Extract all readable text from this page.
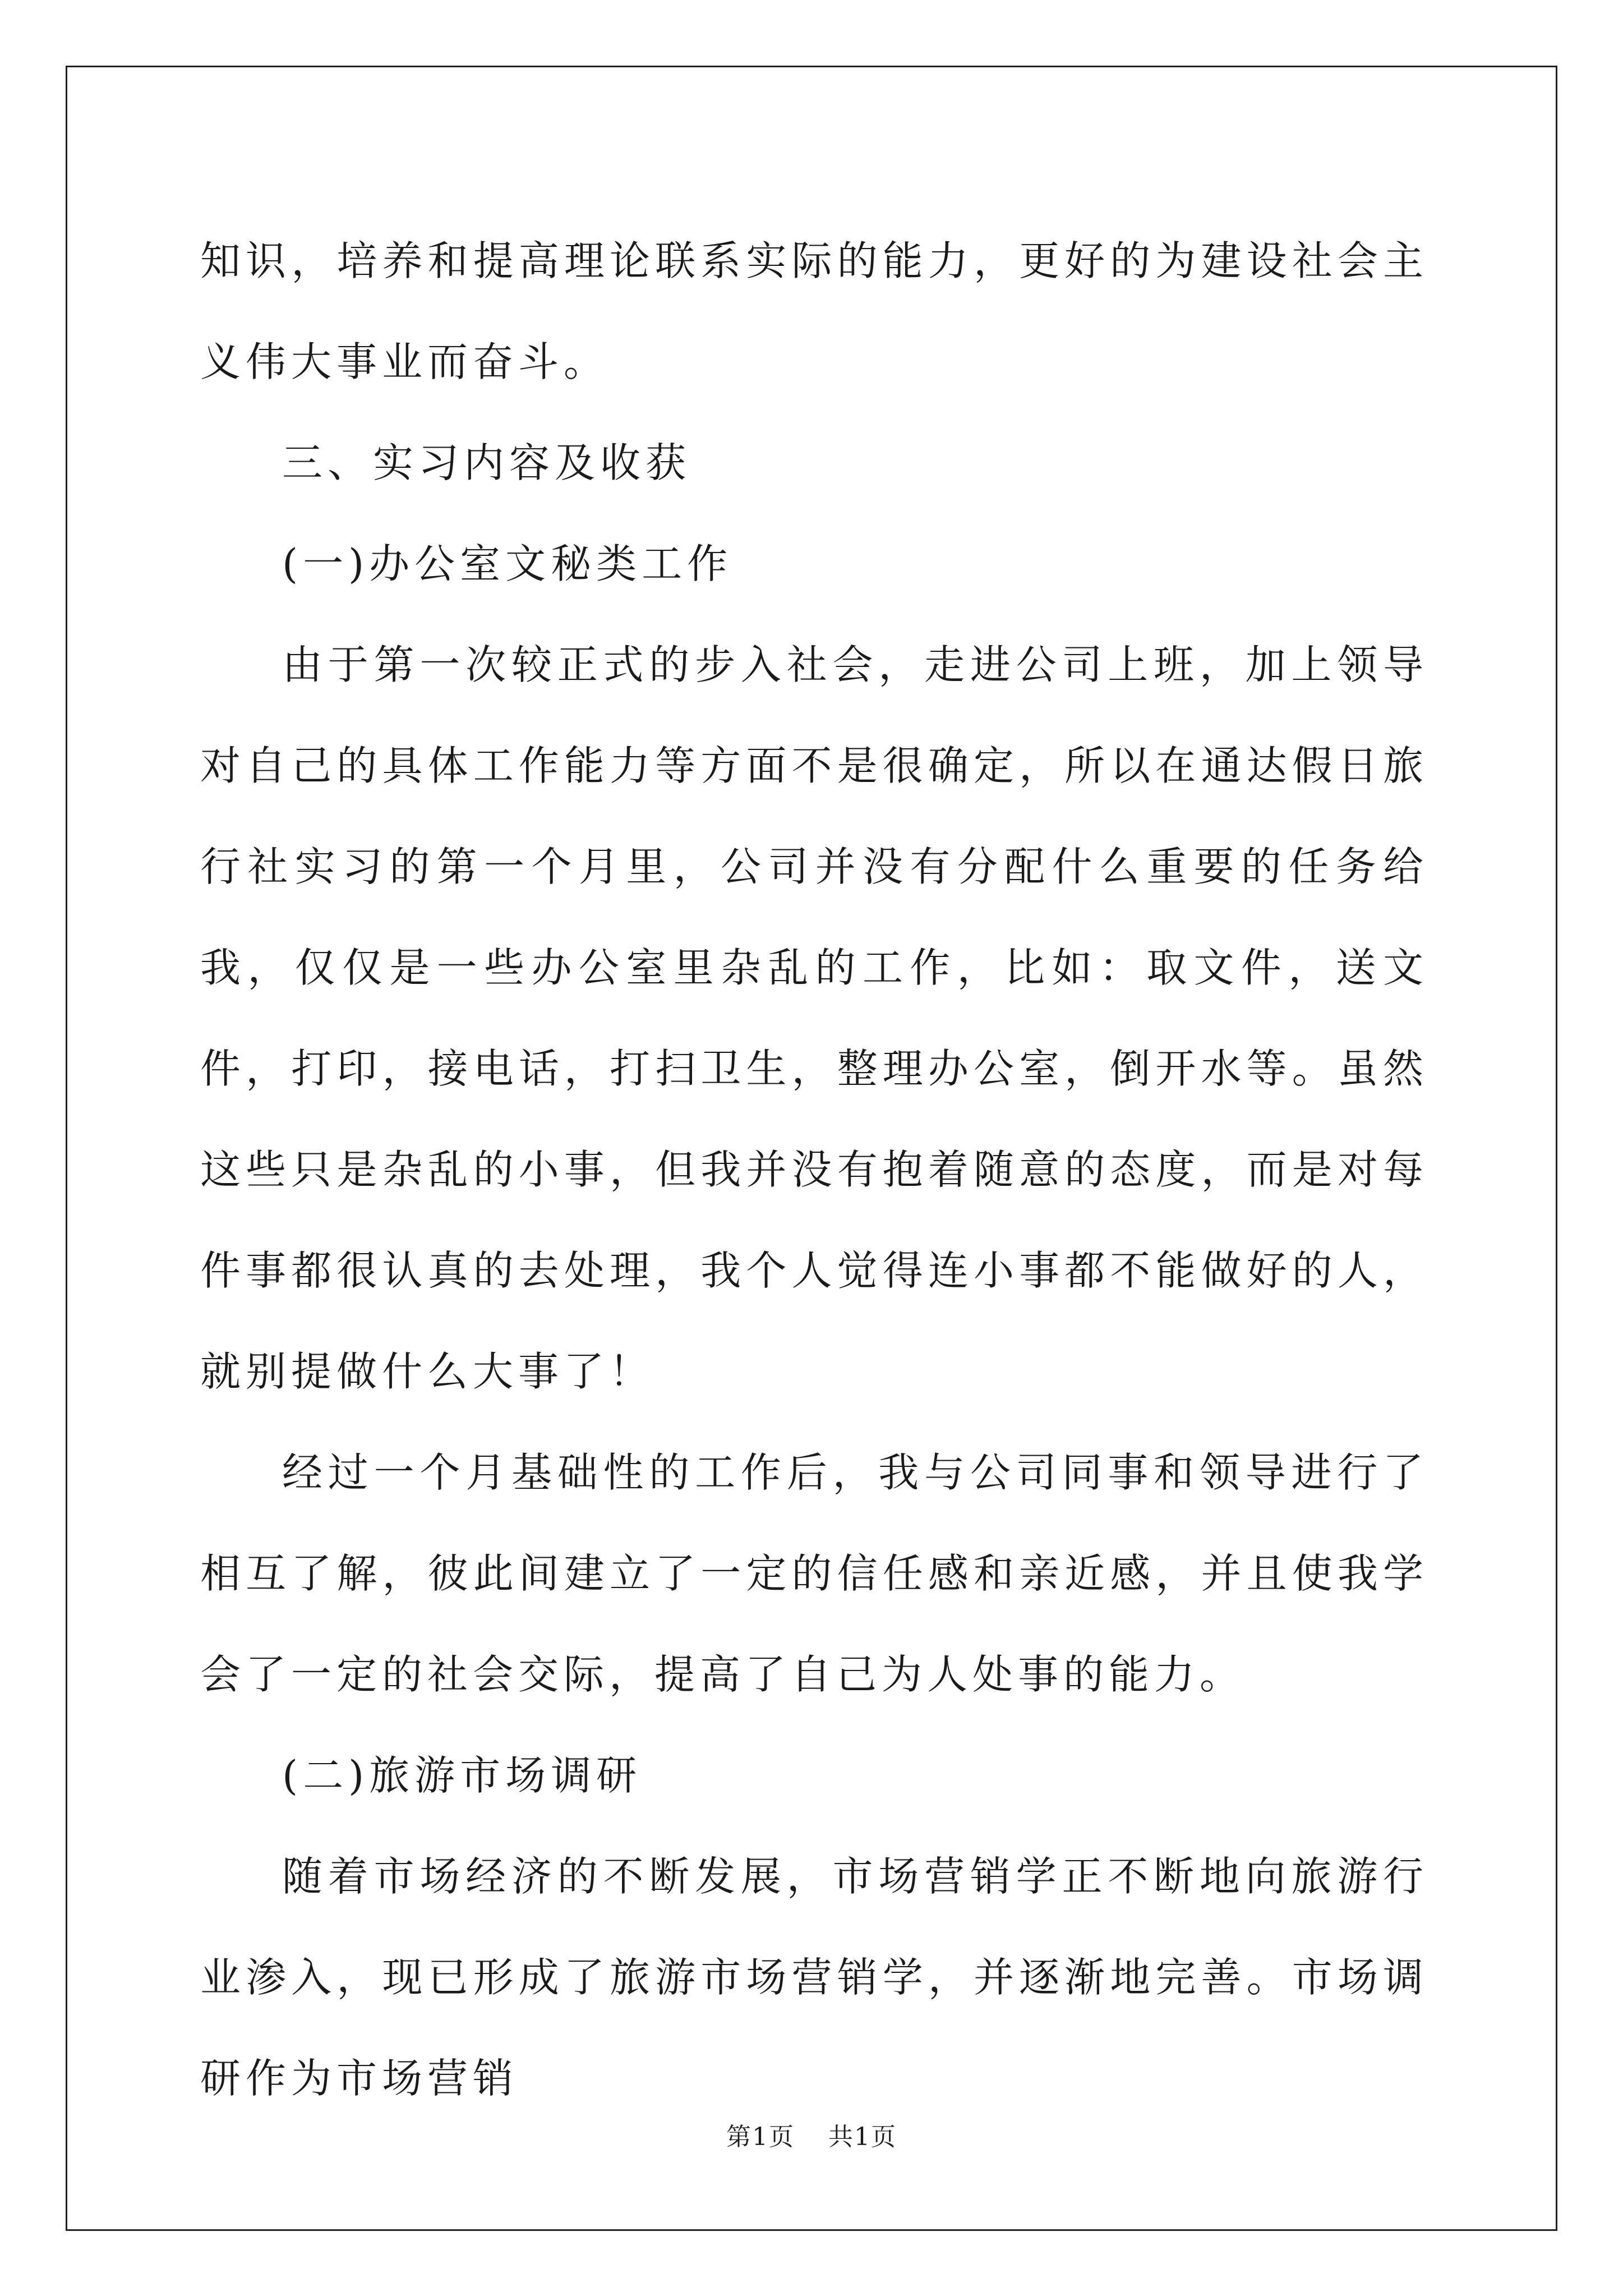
知识，培养和提高理论联系实际的能力，更好的为建设社会主义伟大事业而奋斗。

三、实习内容及收获

(一)办公室文秘类工作

由于第一次较正式的步入社会，走进公司上班，加上领导对自己的具体工作能力等方面不是很确定，所以在通达假日旅行社实习的第一个月里，公司并没有分配什么重要的任务给我，仅仅是一些办公室里杂乱的工作，比如：取文件，送文件，打印，接电话，打扫卫生，整理办公室，倒开水等。虽然这些只是杂乱的小事，但我并没有抱着随意的态度，而是对每件事都很认真的去处理，我个人觉得连小事都不能做好的人，就别提做什么大事了！

经过一个月基础性的工作后，我与公司同事和领导进行了相互了解，彼此间建立了一定的信任感和亲近感，并且使我学会了一定的社会交际，提高了自己为人处事的能力。

(二)旅游市场调研

随着市场经济的不断发展，市场营销学正不断地向旅游行业渗入，现已形成了旅游市场营销学，并逐渐地完善。市场调研作为市场营销

第1页 共1页
